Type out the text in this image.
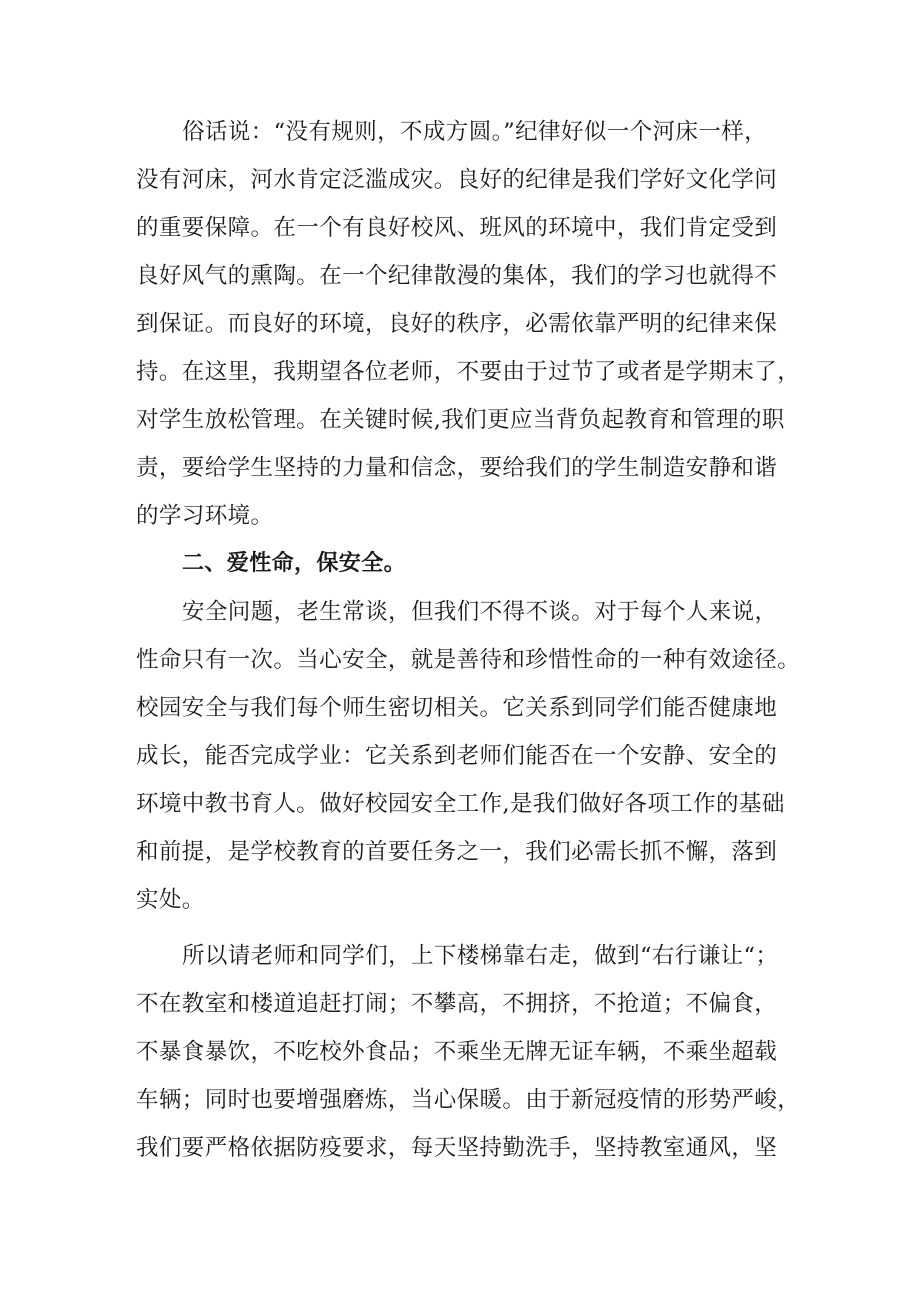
俗话说：“没有规则，不成方圆。”纪律好似一个河床一样，
没有河床，河水肯定泛滥成灾。良好的纪律是我们学好文化学问
的重要保障。在一个有良好校风、班风的环境中，我们肯定受到
良好风气的熏陶。在一个纪律散漫的集体，我们的学习也就得不
到保证。而良好的环境，良好的秩序，必需依靠严明的纪律来保
持。在这里，我期望各位老师，不要由于过节了或者是学期末了，
对学生放松管理。在关键时候,我们更应当背负起教育和管理的职
责，要给学生坚持的力量和信念，要给我们的学生制造安静和谐
的学习环境。
二、爱性命，保安全。
安全问题，老生常谈，但我们不得不谈。对于每个人来说，
性命只有一次。当心安全，就是善待和珍惜性命的一种有效途径。
校园安全与我们每个师生密切相关。它关系到同学们能否健康地
成长，能否完成学业：它关系到老师们能否在一个安静、安全的
环境中教书育人。做好校园安全工作,是我们做好各项工作的基础
和前提，是学校教育的首要任务之一，我们必需长抓不懈，落到
实处。
所以请老师和同学们，上下楼梯靠右走，做到“右行谦让“；
不在教室和楼道追赶打闹；不攀高，不拥挤，不抢道；不偏食，
不暴食暴饮，不吃校外食品；不乘坐无牌无证车辆，不乘坐超载
车辆；同时也要增强磨炼，当心保暖。由于新冠疫情的形势严峻，
我们要严格依据防疫要求，每天坚持勤洗手，坚持教室通风，坚
